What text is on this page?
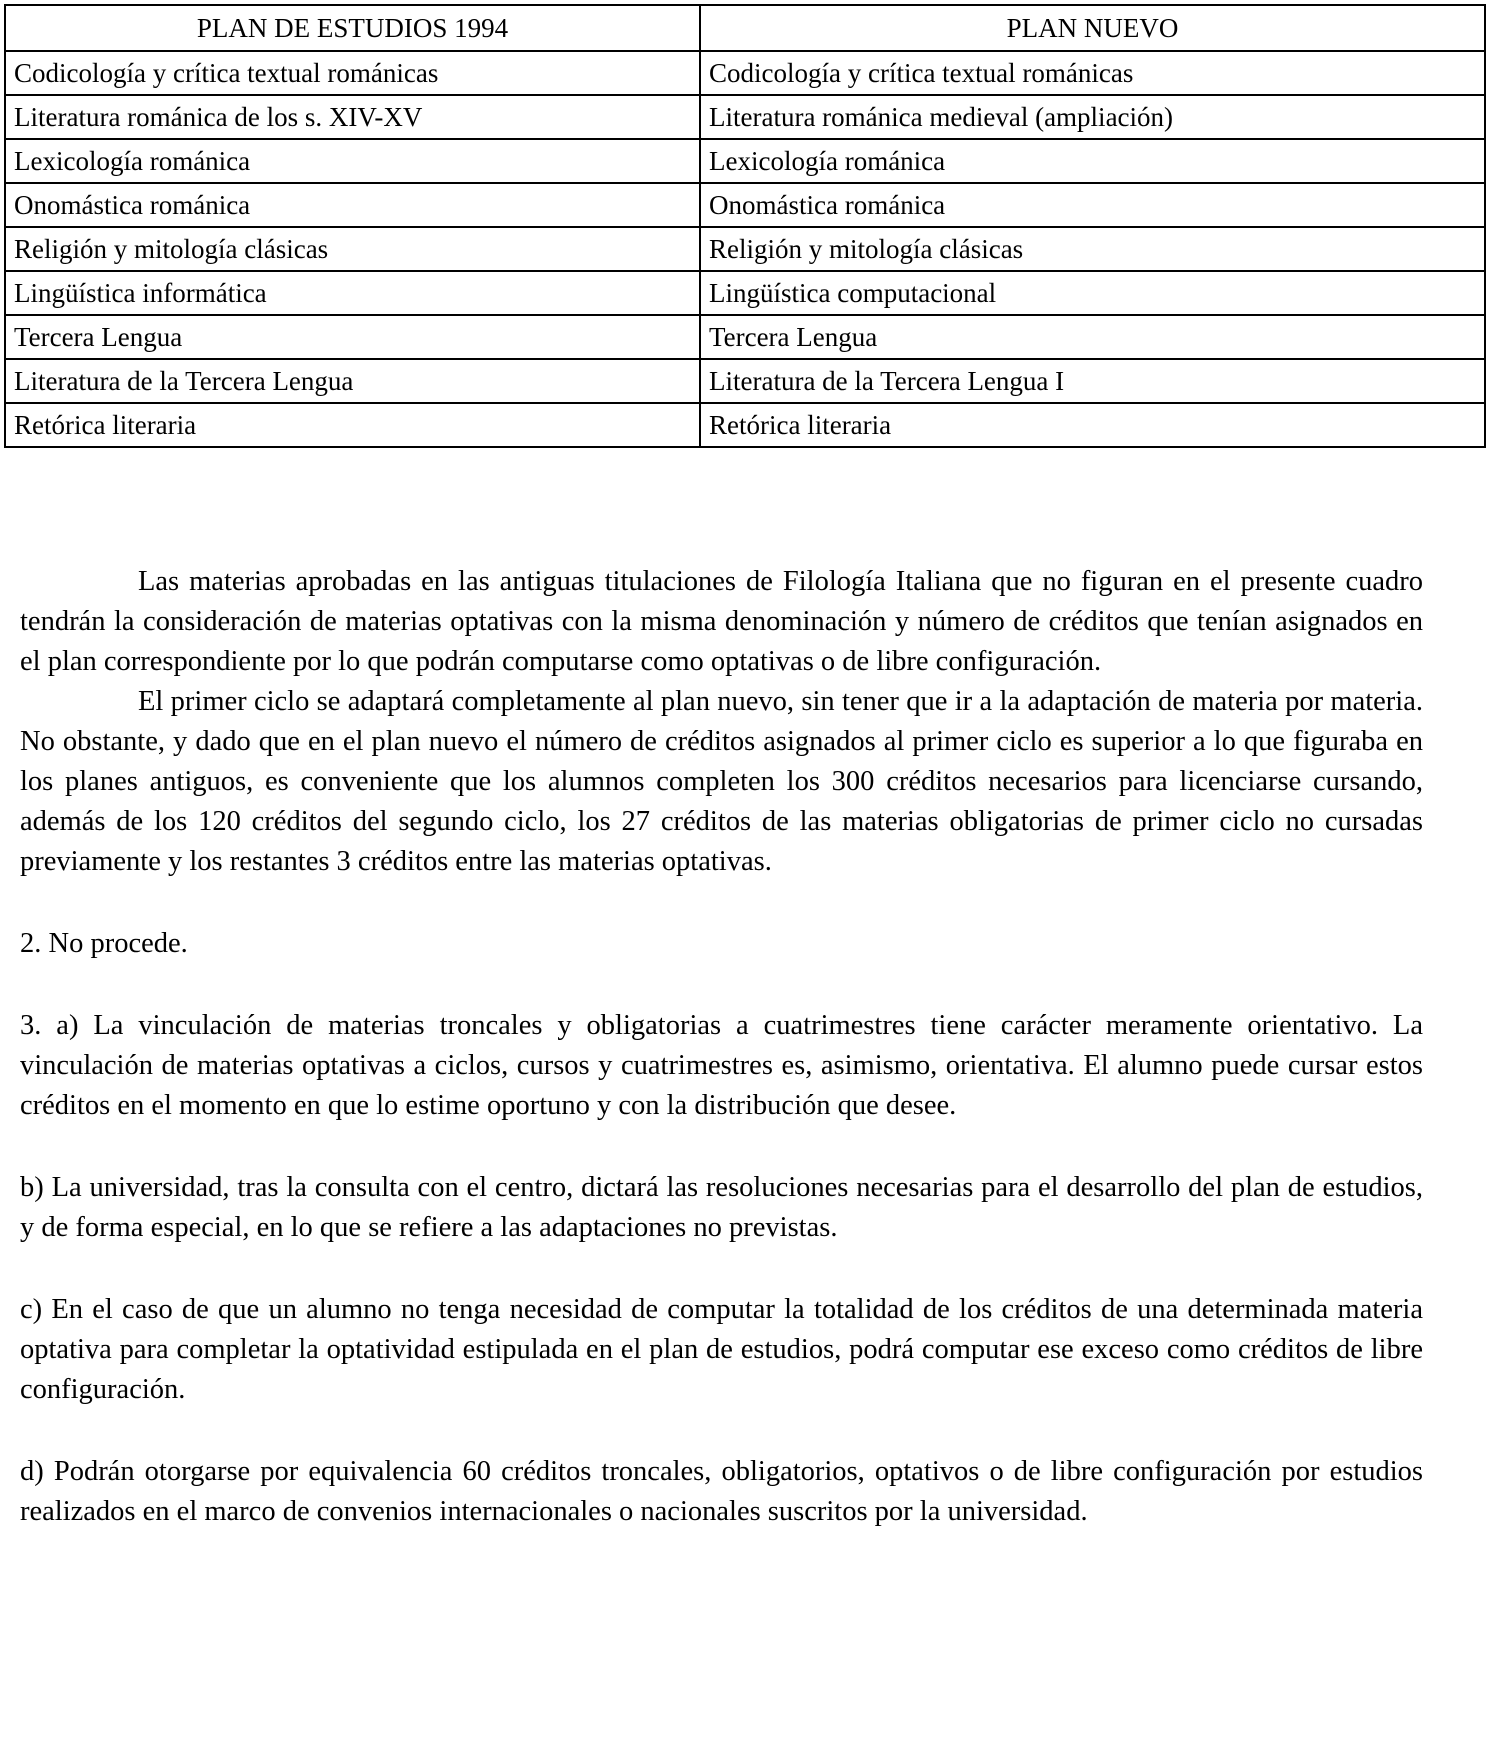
PLAN DE ESTUDIOS 1994	PLAN NUEVO
Codicología y crítica textual románicas	Codicología y crítica textual románicas
Literatura románica de los s. XIV-XV	Literatura románica medieval (ampliación)
Lexicología románica	Lexicología románica
Onomástica románica	Onomástica románica
Religión y mitología clásicas	Religión y mitología clásicas
Lingüística informática	Lingüística computacional
Tercera Lengua	Tercera Lengua
Literatura de la Tercera Lengua	Literatura de la Tercera Lengua I
Retórica literaria	Retórica literaria

Las materias aprobadas en las antiguas titulaciones de Filología Italiana que no figuran en el presente cuadro tendrán la consideración de materias optativas con la misma denominación y número de créditos que tenían asignados en el plan correspondiente por lo que podrán computarse como optativas o de libre configuración.

El primer ciclo se adaptará completamente al plan nuevo, sin tener que ir a la adaptación de materia por materia. No obstante, y dado que en el plan nuevo el número de créditos asignados al primer ciclo es superior a lo que figuraba en los planes antiguos, es conveniente que los alumnos completen los 300 créditos necesarios para licenciarse cursando, además de los 120 créditos del segundo ciclo, los 27 créditos de las materias obligatorias de primer ciclo no cursadas previamente y los restantes 3 créditos entre las materias optativas.

2. No procede.

3. a) La vinculación de materias troncales y obligatorias a cuatrimestres tiene carácter meramente orientativo. La vinculación de materias optativas a ciclos, cursos y cuatrimestres es, asimismo, orientativa. El alumno puede cursar estos créditos en el momento en que lo estime oportuno y con la distribución que desee.

b) La universidad, tras la consulta con el centro, dictará las resoluciones necesarias para el desarrollo del plan de estudios, y de forma especial, en lo que se refiere a las adaptaciones no previstas.

c) En el caso de que un alumno no tenga necesidad de computar la totalidad de los créditos de una determinada materia optativa para completar la optatividad estipulada en el plan de estudios, podrá computar ese exceso como créditos de libre configuración.

d) Podrán otorgarse por equivalencia 60 créditos troncales, obligatorios, optativos o de libre configuración por estudios realizados en el marco de convenios internacionales o nacionales suscritos por la universidad.
